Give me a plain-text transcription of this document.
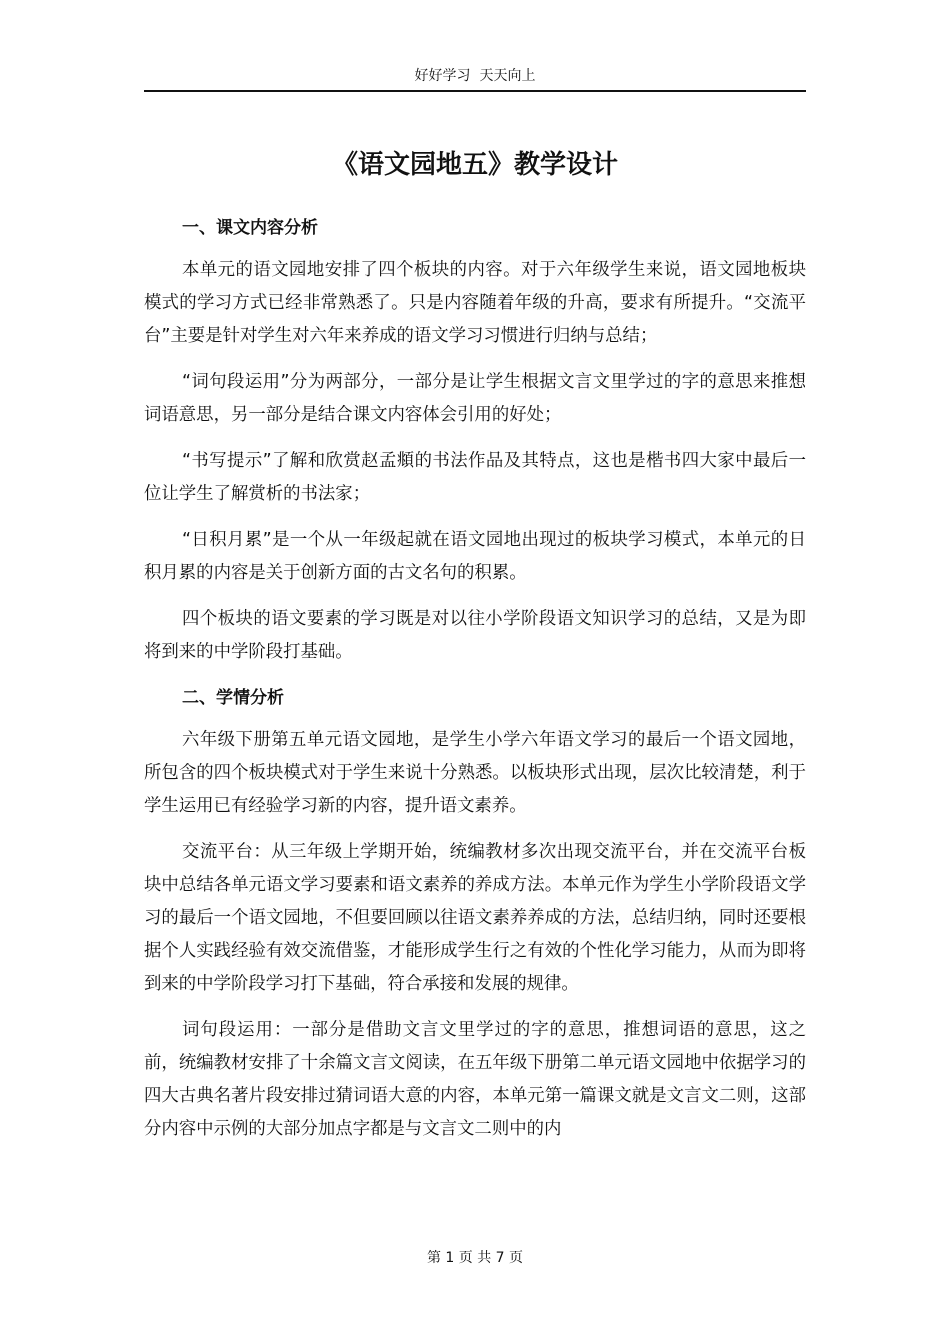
好好学习  天天向上
《语文园地五》教学设计

一、课文内容分析

本单元的语文园地安排了四个板块的内容。对于六年级学生来说，语文园地板块模式的学习方式已经非常熟悉了。只是内容随着年级的升高，要求有所提升。“交流平台”主要是针对学生对六年来养成的语文学习习惯进行归纳与总结；

“词句段运用”分为两部分，一部分是让学生根据文言文里学过的字的意思来推想词语意思，另一部分是结合课文内容体会引用的好处；

“书写提示”了解和欣赏赵孟頫的书法作品及其特点，这也是楷书四大家中最后一位让学生了解赏析的书法家；

“日积月累”是一个从一年级起就在语文园地出现过的板块学习模式，本单元的日积月累的内容是关于创新方面的古文名句的积累。

四个板块的语文要素的学习既是对以往小学阶段语文知识学习的总结，又是为即将到来的中学阶段打基础。

二、学情分析

六年级下册第五单元语文园地，是学生小学六年语文学习的最后一个语文园地，所包含的四个板块模式对于学生来说十分熟悉。以板块形式出现，层次比较清楚，利于学生运用已有经验学习新的内容，提升语文素养。

交流平台：从三年级上学期开始，统编教材多次出现交流平台，并在交流平台板块中总结各单元语文学习要素和语文素养的养成方法。本单元作为学生小学阶段语文学习的最后一个语文园地，不但要回顾以往语文素养养成的方法，总结归纳，同时还要根据个人实践经验有效交流借鉴，才能形成学生行之有效的个性化学习能力，从而为即将到来的中学阶段学习打下基础，符合承接和发展的规律。

词句段运用：一部分是借助文言文里学过的字的意思，推想词语的意思，这之前，统编教材安排了十余篇文言文阅读，在五年级下册第二单元语文园地中依据学习的四大古典名著片段安排过猜词语大意的内容，本单元第一篇课文就是文言文二则，这部分内容中示例的大部分加点字都是与文言文二则中的内

第 1 页 共 7 页
